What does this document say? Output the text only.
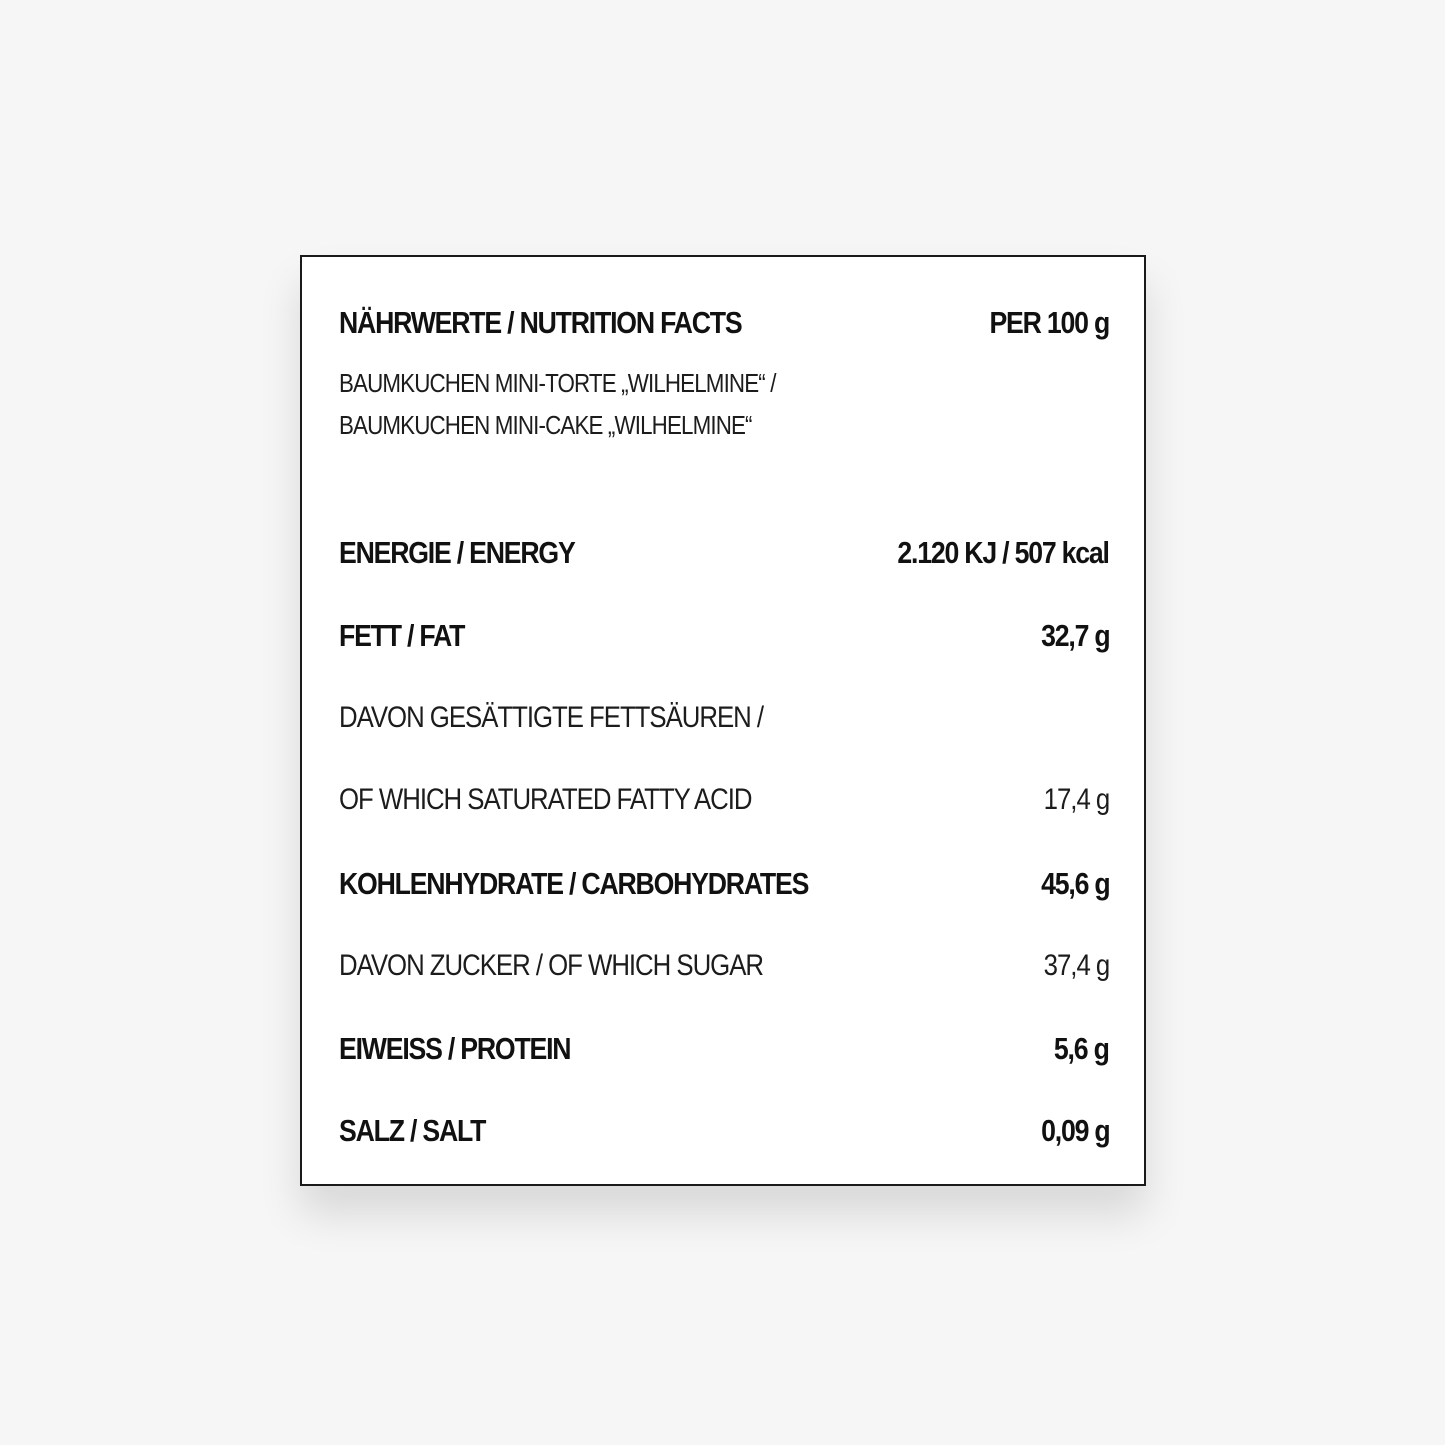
NÄHRWERTE / NUTRITION FACTS	PER 100 g
BAUMKUCHEN MINI-TORTE „WILHELMINE“ /
BAUMKUCHEN MINI-CAKE „WILHELMINE“
ENERGIE / ENERGY	2.120 KJ / 507 kcal
FETT / FAT	32,7 g
DAVON GESÄTTIGTE FETTSÄUREN /
OF WHICH SATURATED FATTY ACID	17,4 g
KOHLENHYDRATE / CARBOHYDRATES	45,6 g
DAVON ZUCKER / OF WHICH SUGAR	37,4 g
EIWEISS / PROTEIN	5,6 g
SALZ / SALT	0,09 g
